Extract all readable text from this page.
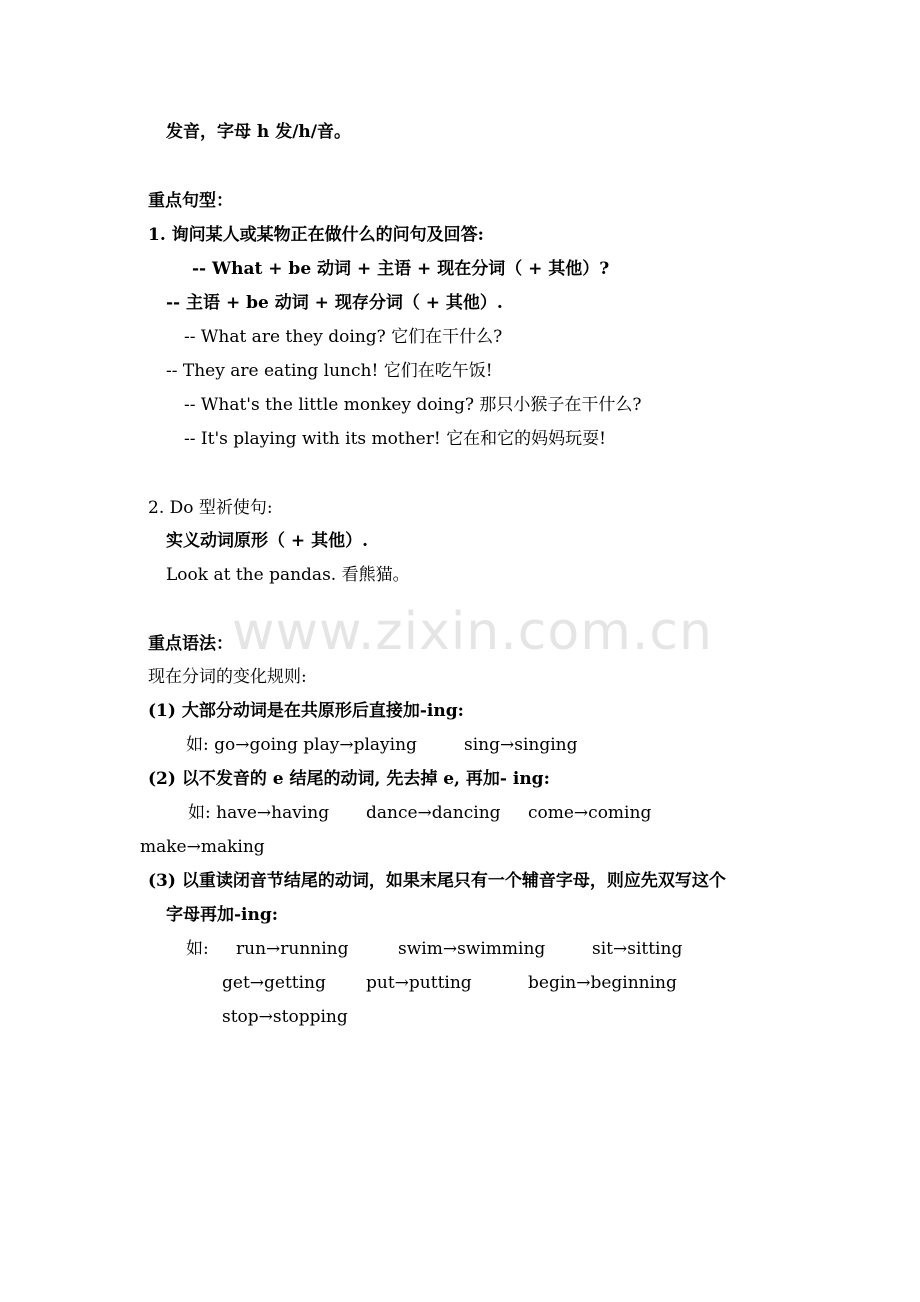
发音，字母 h 发/h/音。
重点句型：
1. 询问某人或某物正在做什么的问句及回答:
-- What + be 动词 + 主语 + 现在分词（ + 其他）?
-- 主语 + be 动词 + 现存分词（ + 其他）.
-- What are they doing? 它们在干什么?
-- They are eating lunch! 它们在吃午饭!
-- What's the little monkey doing? 那只小猴子在干什么?
-- It's playing with its mother! 它在和它的妈妈玩耍!
2. Do 型祈使句:
实义动词原形（ + 其他）.
Look at the pandas. 看熊猫。
重点语法：
现在分词的变化规则:
(1) 大部分动词是在共原形后直接加-ing:
如: go→going play→playing	sing→singing
(2) 以不发音的 e 结尾的动词, 先去掉 e, 再加- ing:
如: have→having dance→dancing come→coming
make→making
(3) 以重读闭音节结尾的动词，如果末尾只有一个辅音字母，则应先双写这个
字母再加-ing:
如: run→running	swim→swimming	sit→sitting
get→getting put→putting	begin→beginning
stop→stopping
www.zixin.com.cn
